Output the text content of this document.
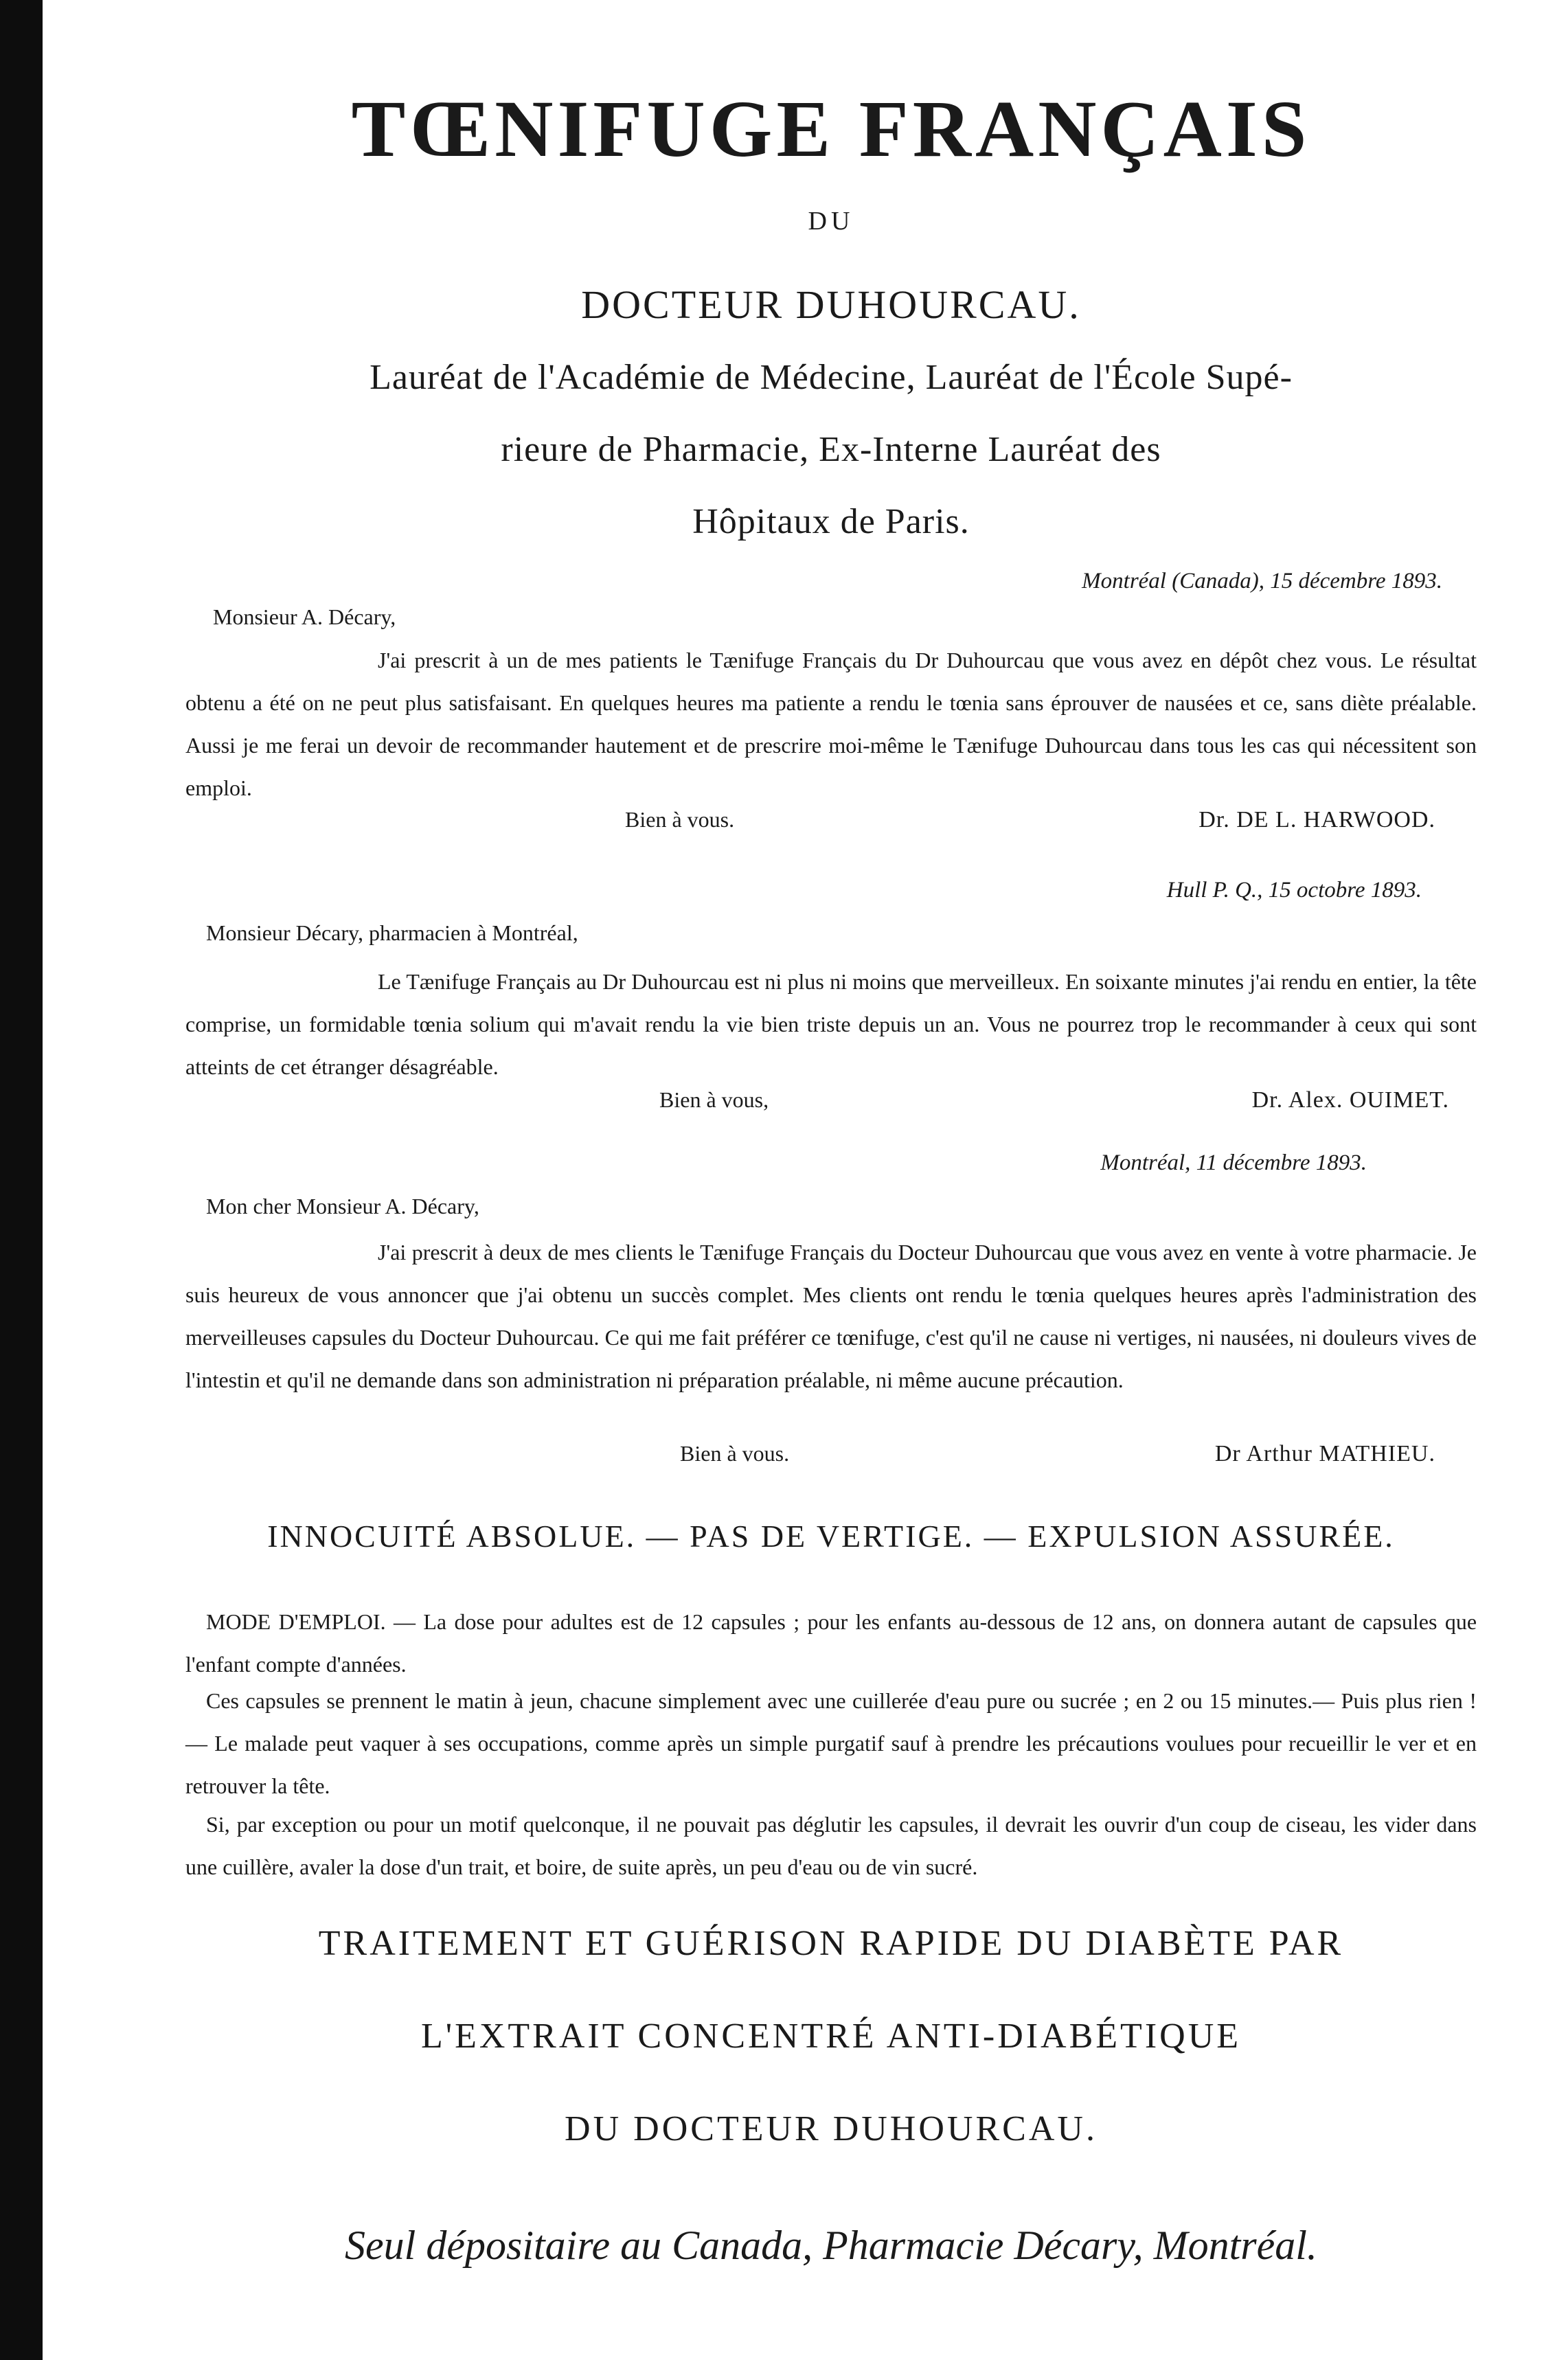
TŒNIFUGE FRANÇAIS
DU
DOCTEUR DUHOURCAU.
Lauréat de l'Académie de Médecine, Lauréat de l'École Supé-
rieure de Pharmacie, Ex-Interne Lauréat des
Hôpitaux de Paris.
Montréal (Canada), 15 décembre 1893.
Monsieur A. Décary,
J'ai prescrit à un de mes patients le Tænifuge Français du Dr Duhourcau que vous avez en dépôt chez vous. Le résultat obtenu a été on ne peut plus satisfaisant. En quelques heures ma patiente a rendu le tœnia sans éprouver de nausées et ce, sans diète préalable. Aussi je me ferai un devoir de recommander hautement et de prescrire moi-même le Tænifuge Duhourcau dans tous les cas qui nécessitent son emploi.
Bien à vous.	Dr. DE L. HARWOOD.
Hull P. Q., 15 octobre 1893.
Monsieur Décary, pharmacien à Montréal,
Le Tænifuge Français au Dr Duhourcau est ni plus ni moins que merveilleux. En soixante minutes j'ai rendu en entier, la tête comprise, un formidable tœnia solium qui m'avait rendu la vie bien triste depuis un an. Vous ne pourrez trop le recommander à ceux qui sont atteints de cet étranger désagréable.
Bien à vous,	Dr. Alex. OUIMET.
Montréal, 11 décembre 1893.
Mon cher Monsieur A. Décary,
J'ai prescrit à deux de mes clients le Tænifuge Français du Docteur Duhourcau que vous avez en vente à votre pharmacie. Je suis heureux de vous annoncer que j'ai obtenu un succès complet. Mes clients ont rendu le tœnia quelques heures après l'administration des merveilleuses capsules du Docteur Duhourcau. Ce qui me fait préférer ce tœnifuge, c'est qu'il ne cause ni vertiges, ni nausées, ni douleurs vives de l'intestin et qu'il ne demande dans son administration ni préparation préalable, ni même aucune précaution.
Bien à vous.	Dr Arthur MATHIEU.
INNOCUITÉ ABSOLUE. — PAS DE VERTIGE. — EXPULSION ASSURÉE.
MODE D'EMPLOI. — La dose pour adultes est de 12 capsules ; pour les enfants au-dessous de 12 ans, on donnera autant de capsules que l'enfant compte d'années.
Ces capsules se prennent le matin à jeun, chacune simplement avec une cuillerée d'eau pure ou sucrée ; en 2 ou 15 minutes.— Puis plus rien ! — Le malade peut vaquer à ses occupations, comme après un simple purgatif sauf à prendre les précautions voulues pour recueillir le ver et en retrouver la tête.
Si, par exception ou pour un motif quelconque, il ne pouvait pas déglutir les capsules, il devrait les ouvrir d'un coup de ciseau, les vider dans une cuillère, avaler la dose d'un trait, et boire, de suite après, un peu d'eau ou de vin sucré.
TRAITEMENT ET GUÉRISON RAPIDE DU DIABÈTE PAR
L'EXTRAIT CONCENTRÉ ANTI-DIABÉTIQUE
DU DOCTEUR DUHOURCAU.
Seul dépositaire au Canada, Pharmacie Décary, Montréal.
